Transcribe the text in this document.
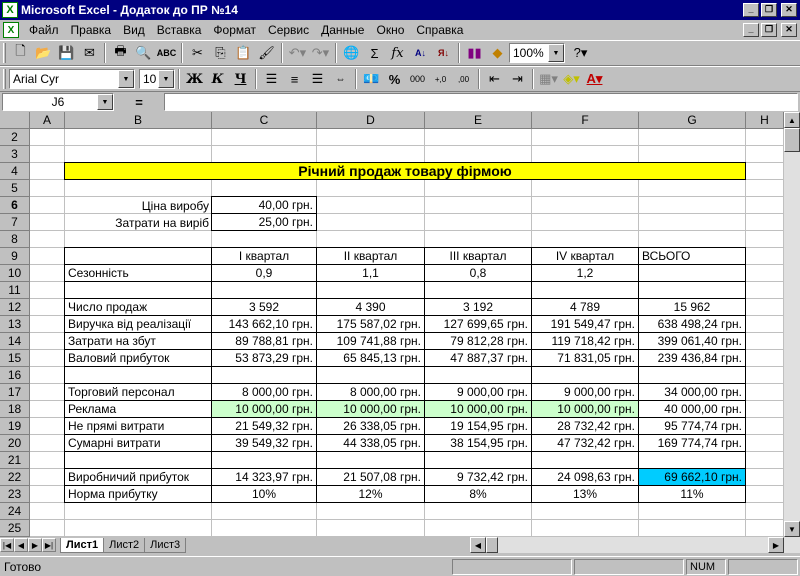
X Microsoft Excel - Додаток до ПР №14	_	❐	✕
X	Файл	Правка	Вид	Вставка	Формат	Сервис	Данные	Окно	Справка	_	❐	✕
🗋 📂 💾 ✉	🖶 🔍 ABC	✂ ⎘ 📋 🖌 ↶▾ ↷▾ 🌐 Σ fx	A↓	Я↓	▮▮ ◆ 100%	▼	?▾
Arial Cyr	▼	10 ▼	Ж К Ч	☰	≡	☰	⇔	💶 %	000	+,0	,00	⇤ ⇥	▦▾ ◈▾ A▾
J6	▼	=
A	B	C	D	E	F	G	H
2
3
4
5
6
7
8
9
10
11
12
13
14
15
16
17
18
19
20
21
22
23
24
25
Річний продаж товару фірмою
Ціна виробу	40,00 грн.
Затрати на виріб	25,00 грн.
I квартал	II квартал	III квартал	IV квартал	ВСЬОГО
Сезонність	0,9	1,1	0,8	1,2
Число продаж	3 592	4 390	3 192	4 789	15 962
Виручка від реалізації	143 662,10 грн.	175 587,02 грн.	127 699,65 грн.	191 549,47 грн.	638 498,24 грн.
Затрати на збут	89 788,81 грн.	109 741,88 грн.	79 812,28 грн.	119 718,42 грн.	399 061,40 грн.
Валовий прибуток	53 873,29 грн.	65 845,13 грн.	47 887,37 грн.	71 831,05 грн.	239 436,84 грн.
Торговий персонал	8 000,00 грн.	8 000,00 грн.	9 000,00 грн.	9 000,00 грн.	34 000,00 грн.
Реклама	10 000,00 грн.	10 000,00 грн.	10 000,00 грн.	10 000,00 грн.	40 000,00 грн.
Не прямі витрати	21 549,32 грн.	26 338,05 грн.	19 154,95 грн.	28 732,42 грн.	95 774,74 грн.
Сумарні витрати	39 549,32 грн.	44 338,05 грн.	38 154,95 грн.	47 732,42 грн.	169 774,74 грн.
Виробничий прибуток	14 323,97 грн.	21 507,08 грн.	9 732,42 грн.	24 098,63 грн.	69 662,10 грн.
Норма прибутку	10%	12%	8%	13%	11%
▲
▼
|◀ ◀ ▶ ▶|	Лист1	Лист2	Лист3	◀	▶
Готово	NUM
